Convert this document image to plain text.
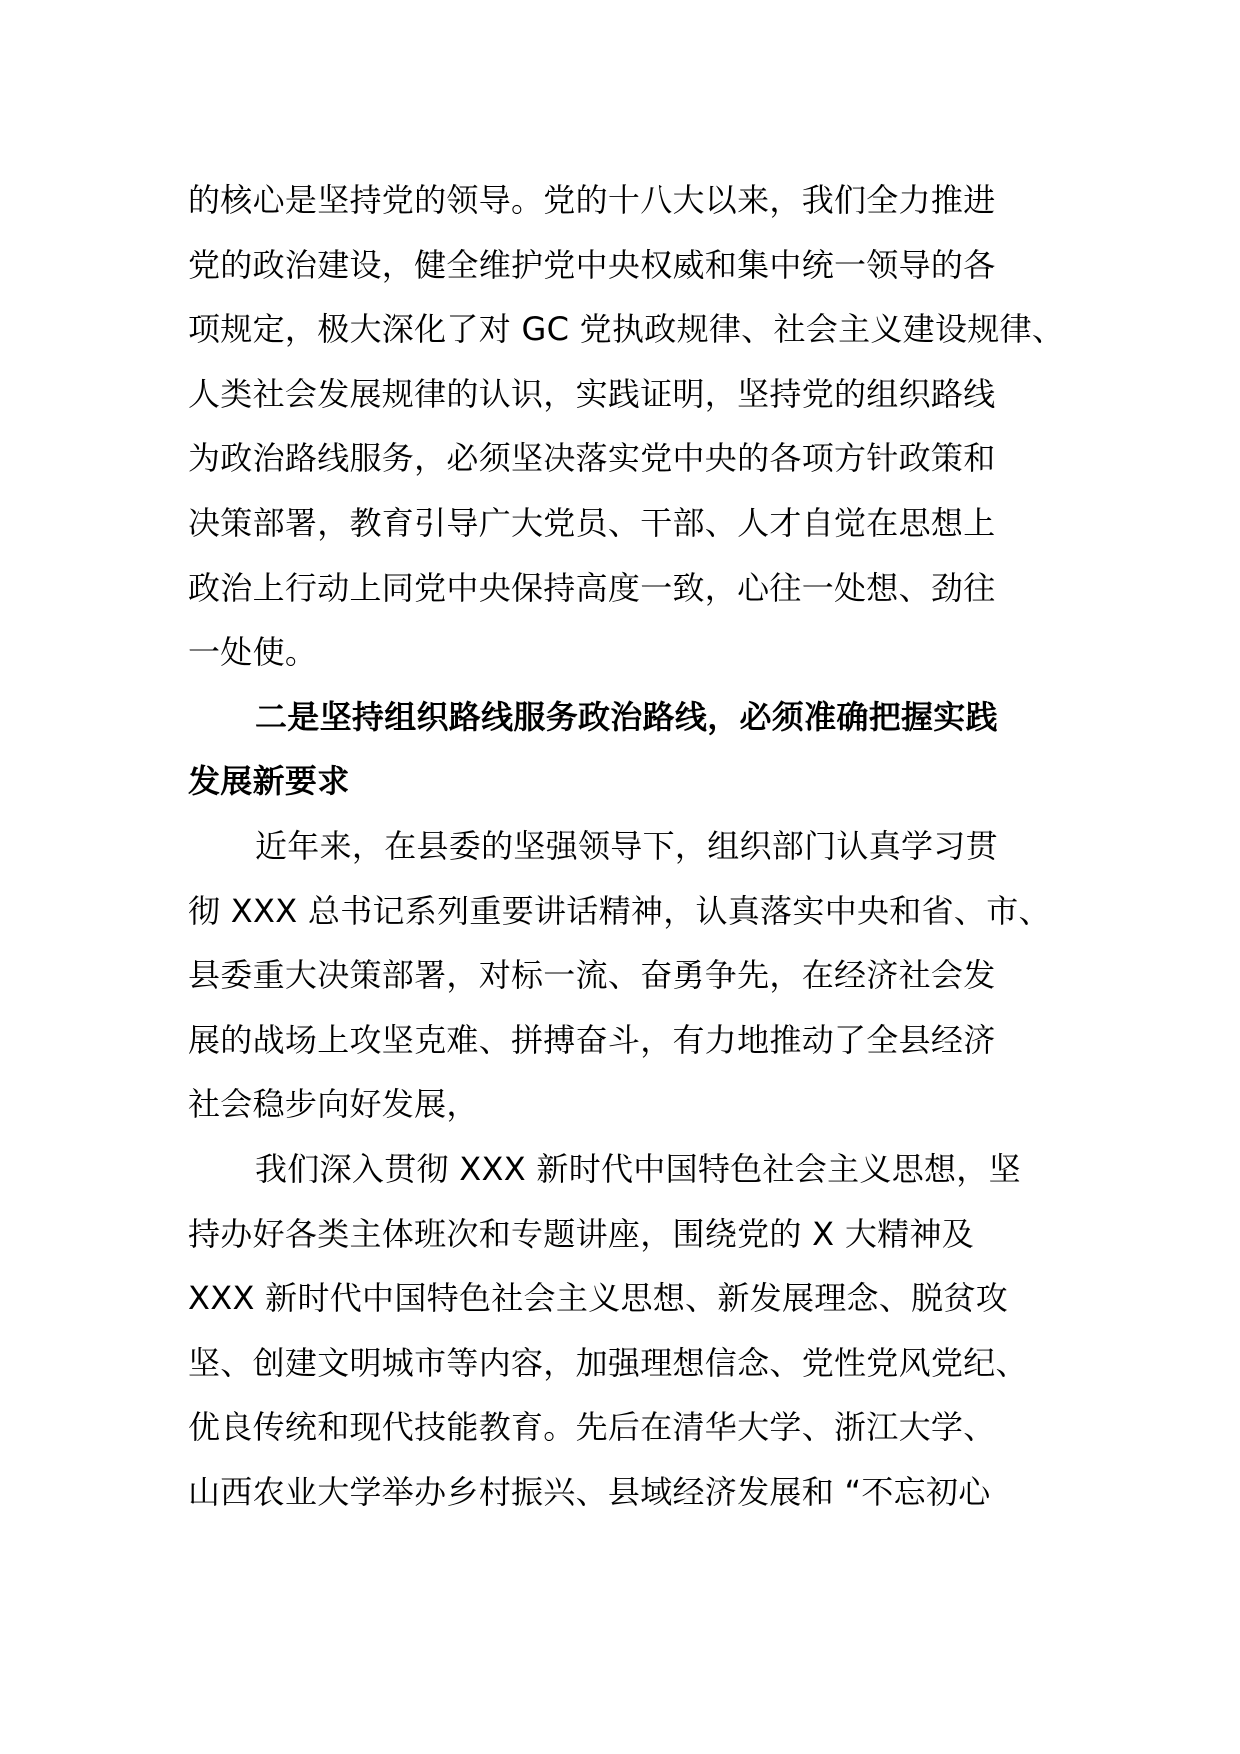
的核心是坚持党的领导。党的十八大以来，我们全力推进
党的政治建设，健全维护党中央权威和集中统一领导的各
项规定，极大深化了对 GC 党执政规律、社会主义建设规律、
人类社会发展规律的认识，实践证明，坚持党的组织路线
为政治路线服务，必须坚决落实党中央的各项方针政策和
决策部署，教育引导广大党员、干部、人才自觉在思想上
政治上行动上同党中央保持高度一致，心往一处想、劲往
一处使。
二是坚持组织路线服务政治路线，必须准确把握实践
发展新要求
近年来，在县委的坚强领导下，组织部门认真学习贯
彻 XXX 总书记系列重要讲话精神，认真落实中央和省、市、
县委重大决策部署，对标一流、奋勇争先，在经济社会发
展的战场上攻坚克难、拼搏奋斗，有力地推动了全县经济
社会稳步向好发展，
我们深入贯彻 XXX 新时代中国特色社会主义思想，坚
持办好各类主体班次和专题讲座，围绕党的 X 大精神及
XXX 新时代中国特色社会主义思想、新发展理念、脱贫攻
坚、创建文明城市等内容，加强理想信念、党性党风党纪、
优良传统和现代技能教育。先后在清华大学、浙江大学、
山西农业大学举办乡村振兴、县域经济发展和 “不忘初心
